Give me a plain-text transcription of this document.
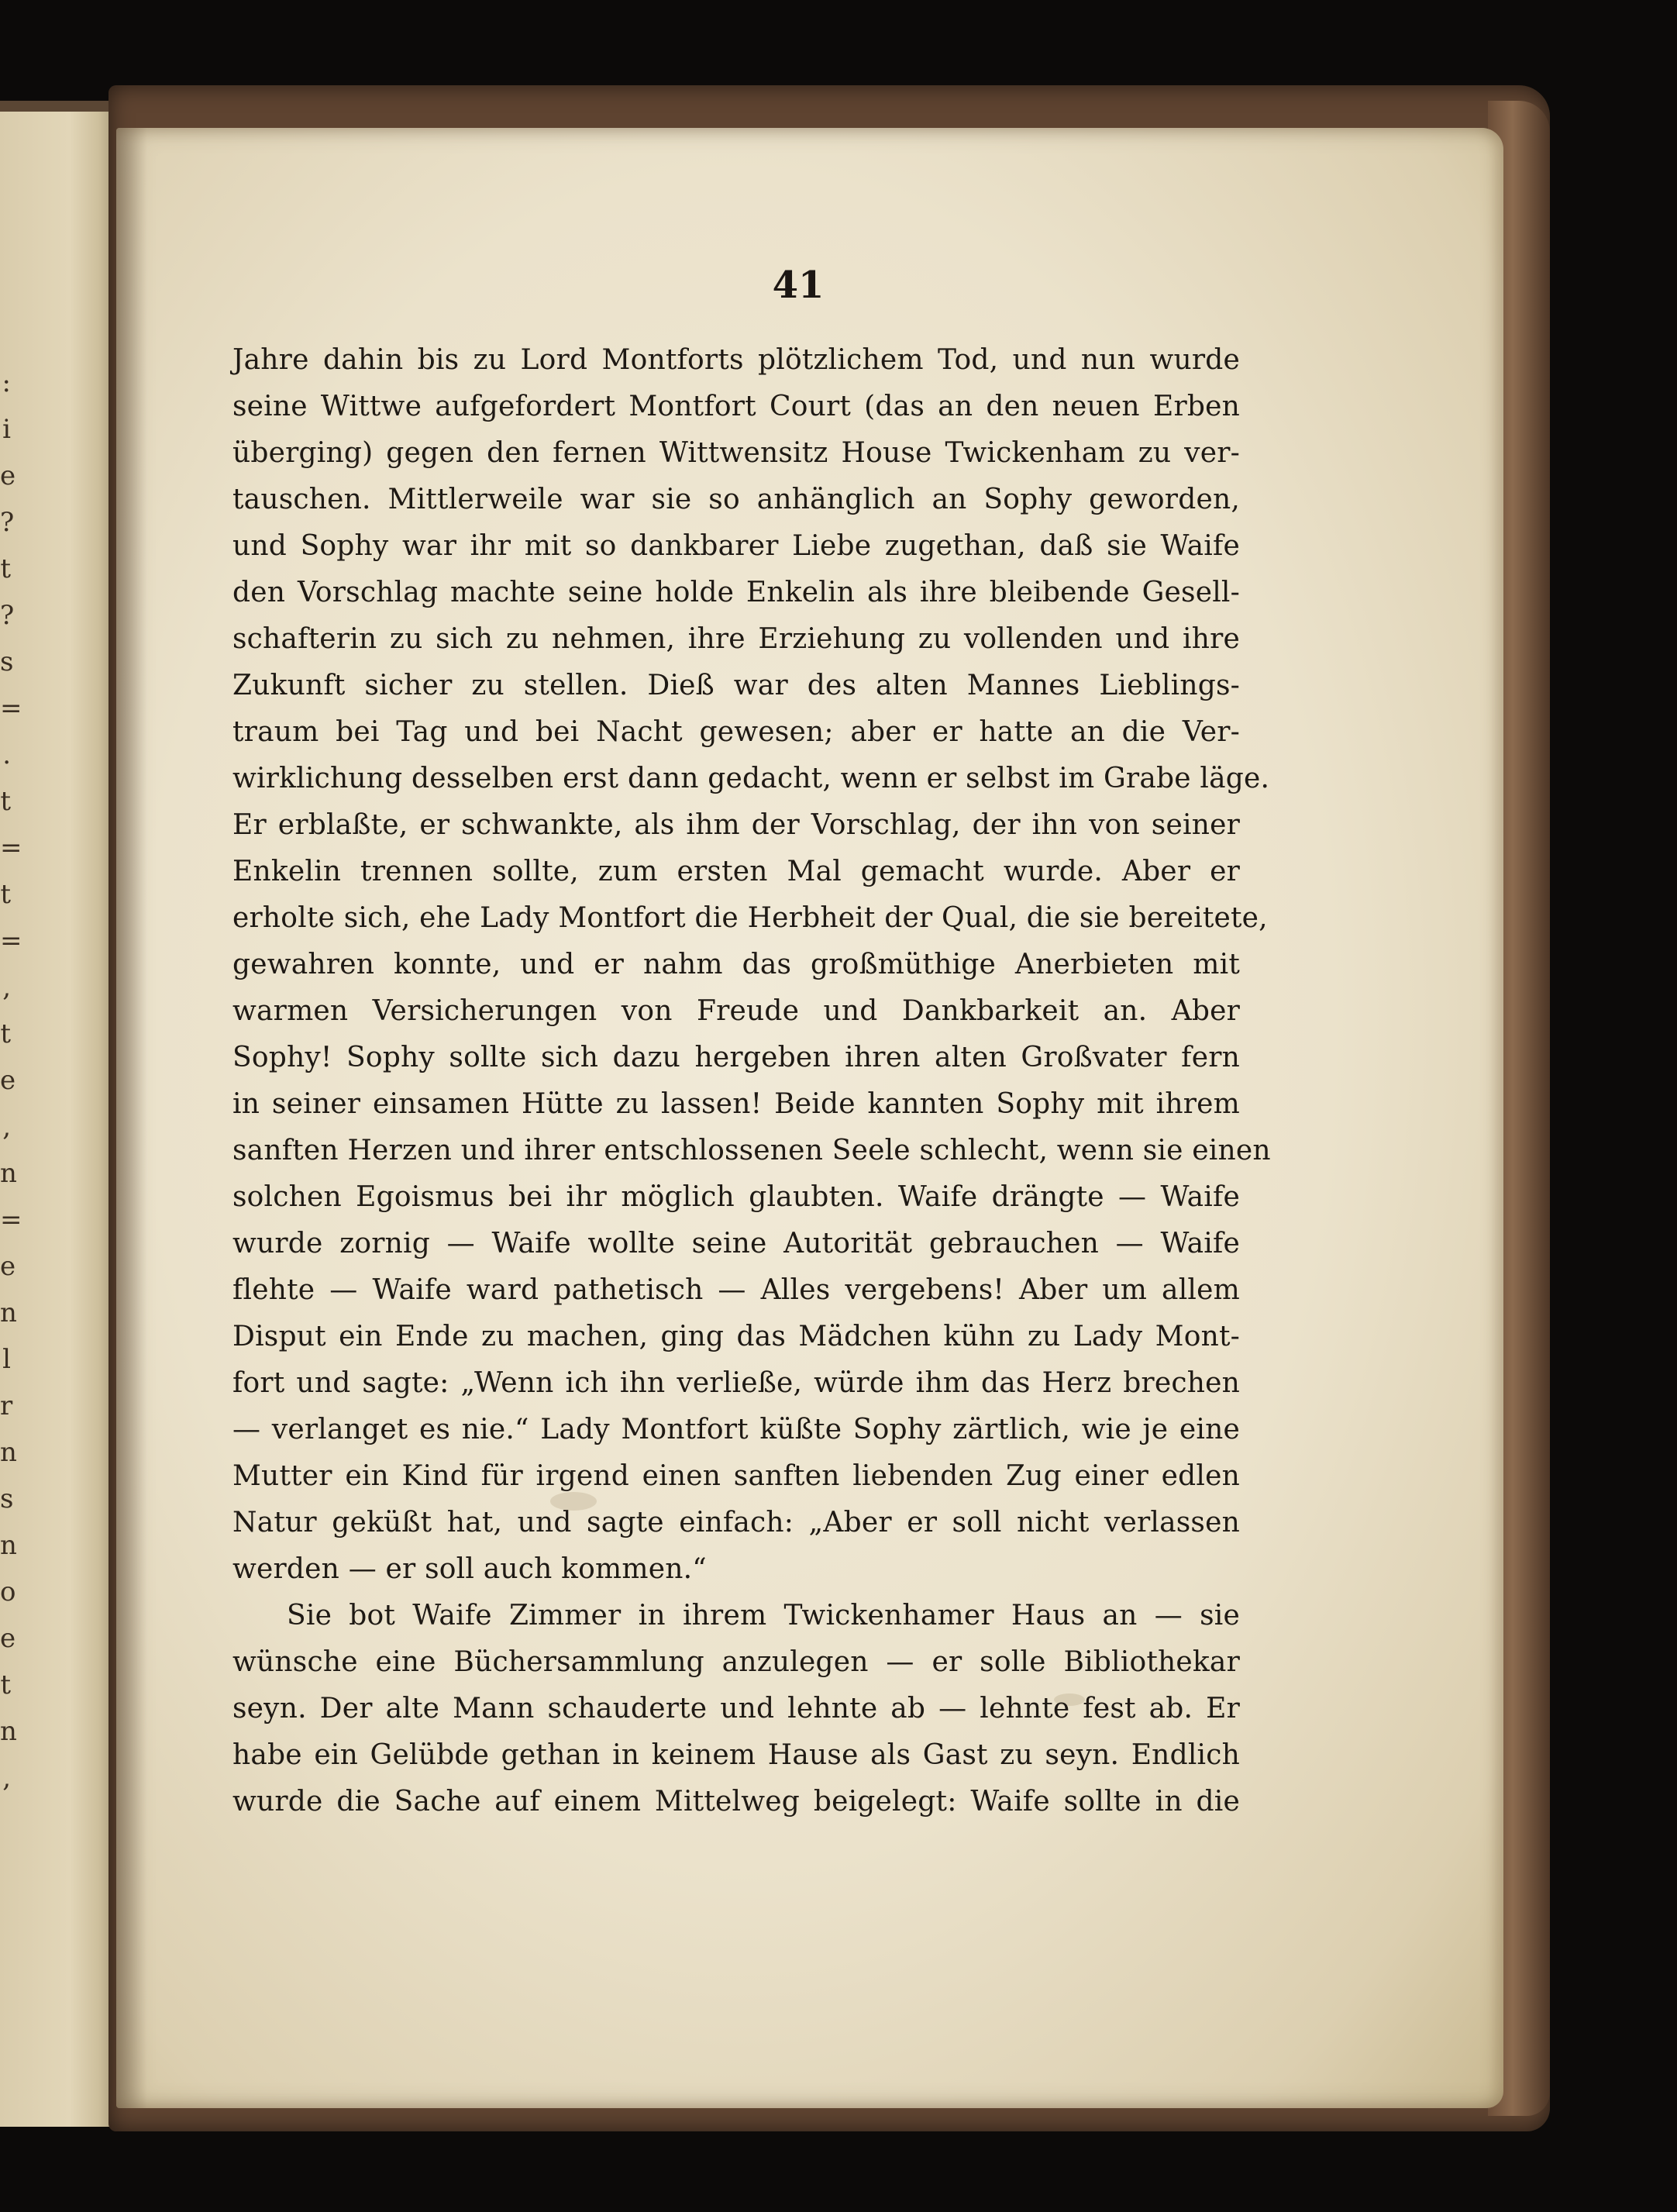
:
i
e
?
t
?
s
=
.
t
=
t
=
,
t
e
,
n
=
e
n
l
r
n
s
n
o
e
t
n
,
41
Jahre dahin bis zu Lord Montforts plötzlichem Tod, und nun wurde
seine Wittwe aufgefordert Montfort Court (das an den neuen Erben
überging) gegen den fernen Wittwensitz House Twickenham zu ver-
tauschen. Mittlerweile war sie so anhänglich an Sophy geworden,
und Sophy war ihr mit so dankbarer Liebe zugethan, daß sie Waife
den Vorschlag machte seine holde Enkelin als ihre bleibende Gesell-
schafterin zu sich zu nehmen, ihre Erziehung zu vollenden und ihre
Zukunft sicher zu stellen. Dieß war des alten Mannes Lieblings-
traum bei Tag und bei Nacht gewesen; aber er hatte an die Ver-
wirklichung desselben erst dann gedacht, wenn er selbst im Grabe läge.
Er erblaßte, er schwankte, als ihm der Vorschlag, der ihn von seiner
Enkelin trennen sollte, zum ersten Mal gemacht wurde. Aber er
erholte sich, ehe Lady Montfort die Herbheit der Qual, die sie bereitete,
gewahren konnte, und er nahm das großmüthige Anerbieten mit
warmen Versicherungen von Freude und Dankbarkeit an. Aber
Sophy! Sophy sollte sich dazu hergeben ihren alten Großvater fern
in seiner einsamen Hütte zu lassen! Beide kannten Sophy mit ihrem
sanften Herzen und ihrer entschlossenen Seele schlecht, wenn sie einen
solchen Egoismus bei ihr möglich glaubten. Waife drängte — Waife
wurde zornig — Waife wollte seine Autorität gebrauchen — Waife
flehte — Waife ward pathetisch — Alles vergebens! Aber um allem
Disput ein Ende zu machen, ging das Mädchen kühn zu Lady Mont-
fort und sagte: „Wenn ich ihn verließe, würde ihm das Herz brechen
— verlanget es nie.“ Lady Montfort küßte Sophy zärtlich, wie je eine
Mutter ein Kind für irgend einen sanften liebenden Zug einer edlen
Natur geküßt hat, und sagte einfach: „Aber er soll nicht verlassen
werden — er soll auch kommen.“
Sie bot Waife Zimmer in ihrem Twickenhamer Haus an — sie
wünsche eine Büchersammlung anzulegen — er solle Bibliothekar
seyn. Der alte Mann schauderte und lehnte ab — lehnte fest ab. Er
habe ein Gelübde gethan in keinem Hause als Gast zu seyn. Endlich
wurde die Sache auf einem Mittelweg beigelegt: Waife sollte in die
